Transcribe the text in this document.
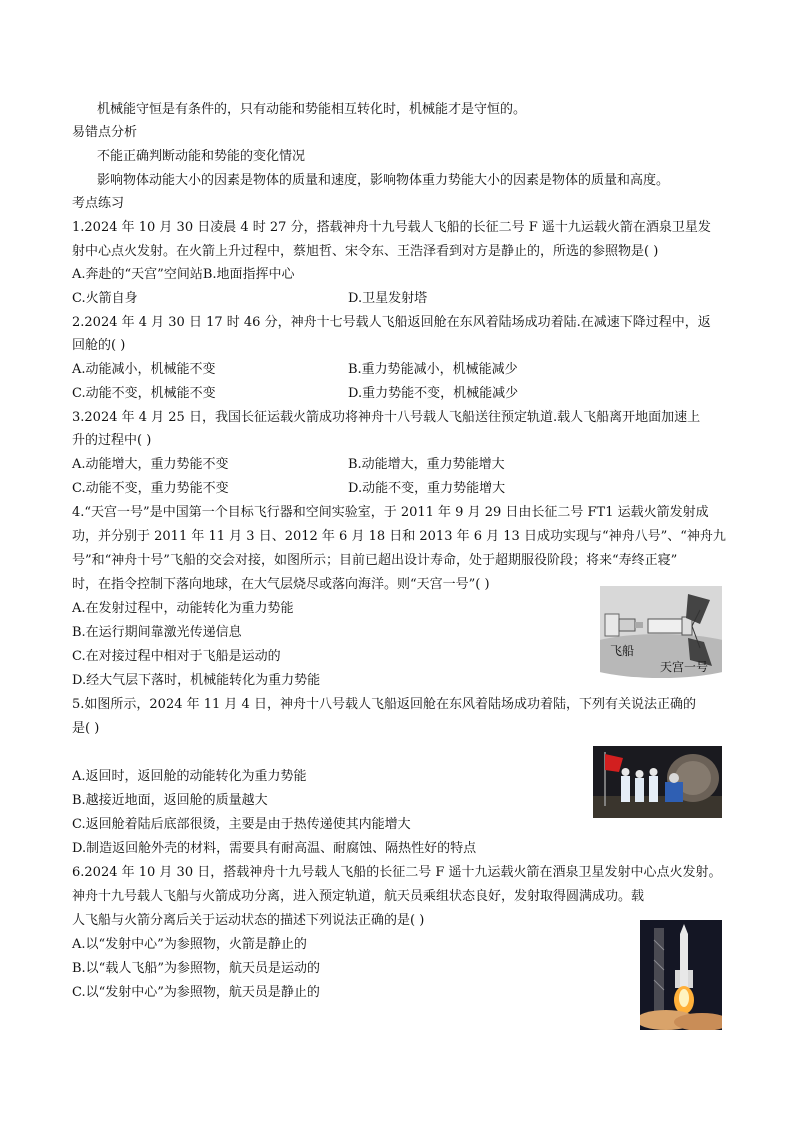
机械能守恒是有条件的，只有动能和势能相互转化时，机械能才是守恒的。
易错点分析
不能正确判断动能和势能的变化情况
影响物体动能大小的因素是物体的质量和速度，影响物体重力势能大小的因素是物体的质量和高度。
考点练习
1.2024 年 10 月 30 日凌晨 4 时 27 分，搭载神舟十九号载人飞船的长征二号 F 遥十九运载火箭在酒泉卫星发
射中心点火发射。在火箭上升过程中，蔡旭哲、宋令东、王浩泽看到对方是静止的，所选的参照物是( )
A.奔赴的“天宫”空间站B.地面指挥中心
C.火箭自身	D.卫星发射塔
2.2024 年 4 月 30 日 17 时 46 分，神舟十七号载人飞船返回舱在东风着陆场成功着陆.在减速下降过程中，返
回舱的( )
A.动能减小，机械能不变	B.重力势能减小，机械能减少
C.动能不变，机械能不变	D.重力势能不变，机械能减少
3.2024 年 4 月 25 日，我国长征运载火箭成功将神舟十八号载人飞船送往预定轨道.载人飞船离开地面加速上
升的过程中( )
A.动能增大，重力势能不变	B.动能增大，重力势能增大
C.动能不变，重力势能不变	D.动能不变，重力势能增大
4.“天宫一号”是中国第一个目标飞行器和空间实验室，于 2011 年 9 月 29 日由长征二号 FT1 运载火箭发射成
功，并分别于 2011 年 11 月 3 日、2012 年 6 月 18 日和 2013 年 6 月 13 日成功实现与“神舟八号”、“神舟九
号”和“神舟十号”飞船的交会对接，如图所示；目前已超出设计寿命，处于超期服役阶段；将来“寿终正寝”
时，在指令控制下落向地球，在大气层烧尽或落向海洋。则“天宫一号”( )
A.在发射过程中，动能转化为重力势能
B.在运行期间靠激光传递信息
C.在对接过程中相对于飞船是运动的
D.经大气层下落时，机械能转化为重力势能
飞船
天宫一号
5.如图所示，2024 年 11 月 4 日，神舟十八号载人飞船返回舱在东风着陆场成功着陆，下列有关说法正确的
是( )
A.返回时，返回舱的动能转化为重力势能
B.越接近地面，返回舱的质量越大
C.返回舱着陆后底部很烫，主要是由于热传递使其内能增大
D.制造返回舱外壳的材料，需要具有耐高温、耐腐蚀、隔热性好的特点
6.2024 年 10 月 30 日，搭载神舟十九号载人飞船的长征二号 F 遥十九运载火箭在酒泉卫星发射中心点火发射。
神舟十九号载人飞船与火箭成功分离，进入预定轨道，航天员乘组状态良好，发射取得圆满成功。载
人飞船与火箭分离后关于运动状态的描述下列说法正确的是( )
A.以“发射中心”为参照物，火箭是静止的
B.以“载人飞船”为参照物，航天员是运动的
C.以“发射中心”为参照物，航天员是静止的
